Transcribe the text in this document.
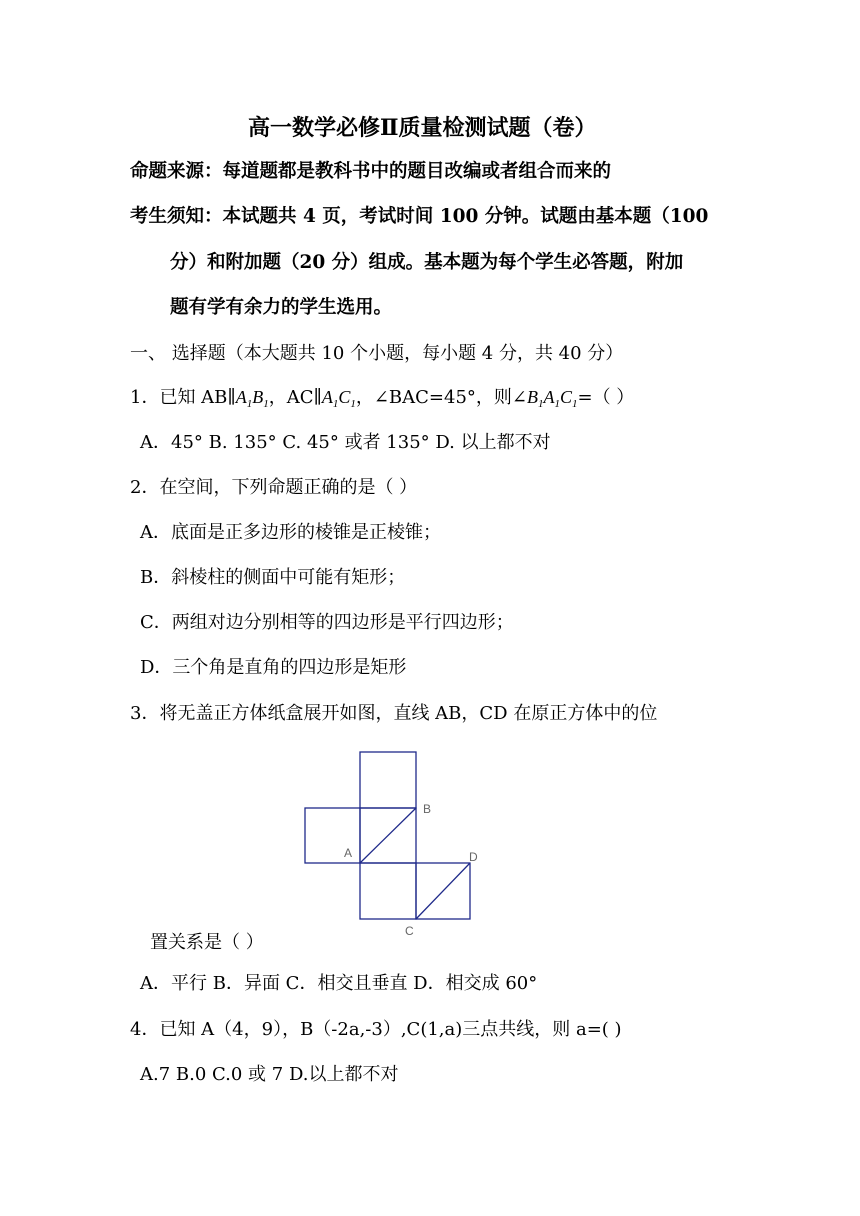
高一数学必修Ⅱ质量检测试题（卷）
命题来源：每道题都是教科书中的题目改编或者组合而来的
考生须知：本试题共 4 页，考试时间 100 分钟。试题由基本题（100
分）和附加题（20 分）组成。基本题为每个学生必答题，附加
题有学有余力的学生选用。
一、 选择题（本大题共 10 个小题，每小题 4 分，共 40 分）
1．已知 $AB\parallel A_1B_1$，$AC\parallel A_1C_1$，∠BAC=45°，则$\angle B_1A_1C_1=$（ ）
A．45° B. 135° C. 45° 或者 135° D. 以上都不对
2．在空间，下列命题正确的是（ ）
A．底面是正多边形的棱锥是正棱锥；
B．斜棱柱的侧面中可能有矩形；
C．两组对边分别相等的四边形是平行四边形；
D．三个角是直角的四边形是矩形
3．将无盖正方体纸盒展开如图，直线 AB，CD 在原正方体中的位
B
A	D
C
置关系是（ ）
A．平行 B．异面 C．相交且垂直 D．相交成 60°
4．已知 A（4，9），B（-2a,-3）,C(1,a)三点共线，则 a=( )
A.7 B.0 C.0 或 7 D.以上都不对
